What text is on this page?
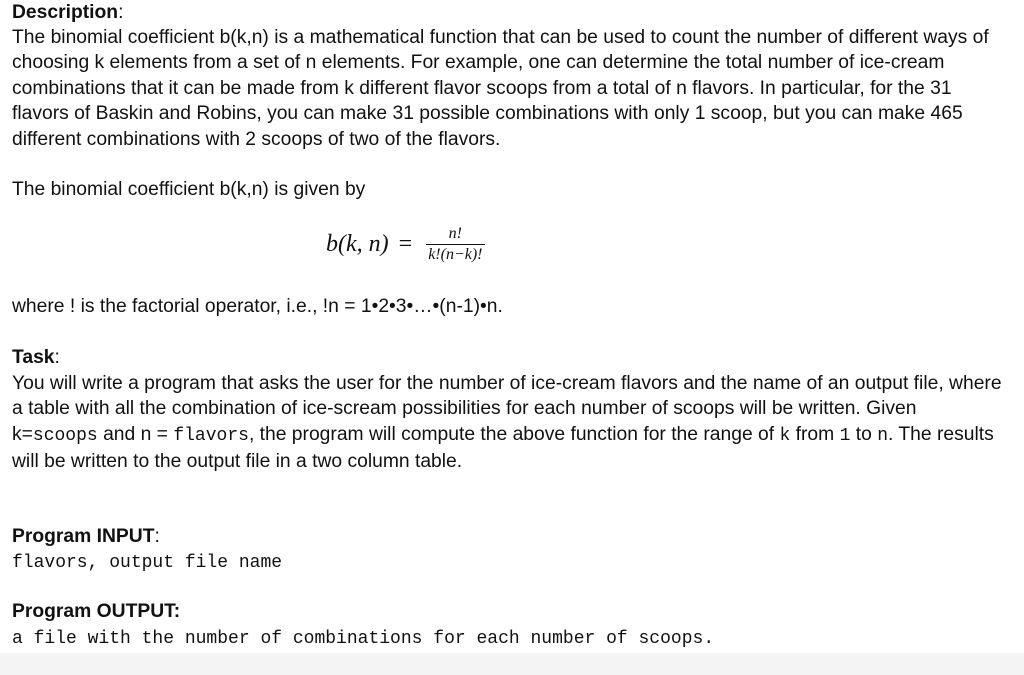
Description:

The binomial coefficient b(k,n) is a mathematical function that can be used to count the number of different ways of choosing k elements from a set of n elements. For example, one can determine the total number of ice-cream combinations that it can be made from k different flavor scoops from a total of n flavors. In particular, for the 31 flavors of Baskin and Robins, you can make 31 possible combinations with only 1 scoop, but you can make 465 different combinations with 2 scoops of two of the flavors.

The binomial coefficient b(k,n) is given by

where ! is the factorial operator, i.e., !n = 1•2•3•…•(n-1)•n.

Task:

You will write a program that asks the user for the number of ice-cream flavors and the name of an output file, where a table with all the combination of ice-scream possibilities for each number of scoops will be written. Given k=scoops and n = flavors, the program will compute the above function for the range of k from 1 to n. The results will be written to the output file in a two column table.

Program INPUT:
flavors, output file name
Program OUTPUT:
a file with the number of combinations for each number of scoops.
b(k, $n) = \frac{n!}{k!(n-k)!}$
